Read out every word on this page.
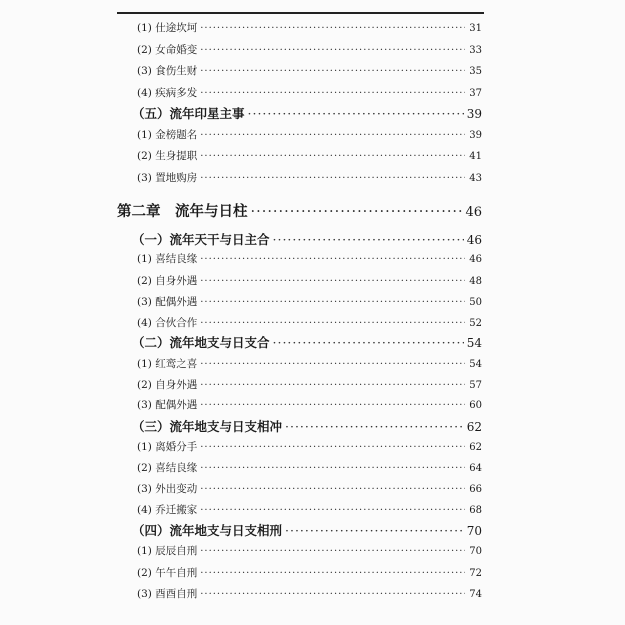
(1) 仕途坎坷 ·····	31
(2) 女命婚变 ·····	33
(3) 食伤生财 ·····	35
(4) 疾病多发 ·····	37
（五）流年印星主事 ·····	39
(1) 金榜题名 ·····	39
(2) 生身提职 ·····	41
(3) 置地购房 ·····	43
第二章　流年与日柱 ·····	46
（一）流年天干与日主合 ·····	46
(1) 喜结良缘 ·····	46
(2) 自身外遇 ·····	48
(3) 配偶外遇 ·····	50
(4) 合伙合作 ·····	52
（二）流年地支与日支合 ·····	54
(1) 红鸾之喜 ·····	54
(2) 自身外遇 ·····	57
(3) 配偶外遇 ·····	60
（三）流年地支与日支相冲 ·····	62
(1) 离婚分手 ·····	62
(2) 喜结良缘 ·····	64
(3) 外出变动 ·····	66
(4) 乔迁搬家 ·····	68
（四）流年地支与日支相刑 ·····	70
(1) 辰辰自刑 ·····	70
(2) 午午自刑 ·····	72
(3) 酉酉自刑 ·····	74
